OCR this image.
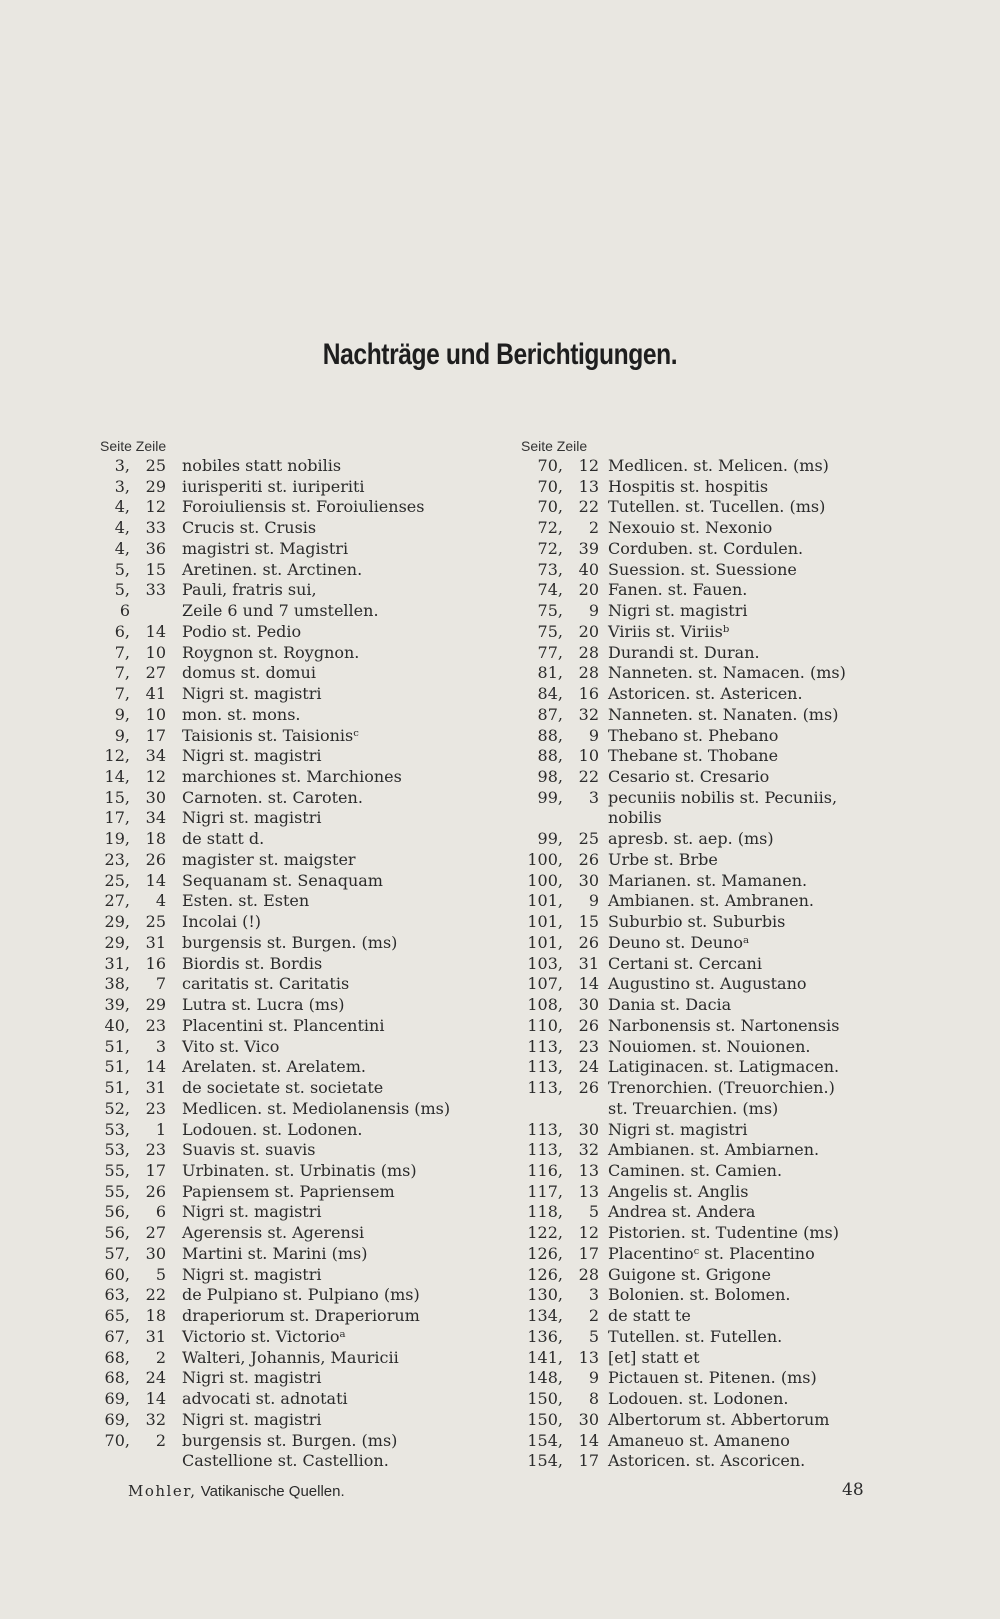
Nachträge und Berichtigungen.
Seite Zeile
3, 25 nobiles statt nobilis
3, 29 iurisperiti st. iuriperiti
4, 12 Foroiuliensis st. Foroiulienses
4, 33 Crucis st. Crusis
4, 36 magistri st. Magistri
5, 15 Aretinen. st. Arctinen.
5, 33 Pauli, fratris sui,
6	Zeile 6 und 7 umstellen.
6, 14 Podio st. Pedio
7, 10 Roygnon st. Roygnon.
7, 27 domus st. domui
7, 41 Nigri st. magistri
9, 10 mon. st. mons.
9, 17 Taisionis st. Taisionisᶜ
12, 34 Nigri st. magistri
14, 12 marchiones st. Marchiones
15, 30 Carnoten. st. Caroten.
17, 34 Nigri st. magistri
19, 18 de statt d.
23, 26 magister st. maigster
25, 14 Sequanam st. Senaquam
27,	4 Esten. st. Esten
29, 25 Incolai (!)
29, 31 burgensis st. Burgen. (ms)
31, 16 Biordis st. Bordis
38,	7 caritatis st. Caritatis
39, 29 Lutra st. Lucra (ms)
40, 23 Placentini st. Plancentini
51,	3 Vito st. Vico
51, 14 Arelaten. st. Arelatem.
51, 31 de societate st. societate
52, 23 Medlicen. st. Mediolanensis (ms)
53,	1 Lodouen. st. Lodonen.
53, 23 Suavis st. suavis
55, 17 Urbinaten. st. Urbinatis (ms)
55, 26 Papiensem st. Papriensem
56,	6 Nigri st. magistri
56, 27 Agerensis st. Agerensi
57, 30 Martini st. Marini (ms)
60,	5 Nigri st. magistri
63, 22 de Pulpiano st. Pulpiano (ms)
65, 18 draperiorum st. Draperiorum
67, 31 Victorio st. Victorioᵃ
68,	2 Walteri, Johannis, Mauricii
68, 24 Nigri st. magistri
69, 14 advocati st. adnotati
69, 32 Nigri st. magistri
70,	2 burgensis st. Burgen. (ms)
Castellione st. Castellion.
Seite Zeile
70, 12 Medlicen. st. Melicen. (ms)
70, 13 Hospitis st. hospitis
70, 22 Tutellen. st. Tucellen. (ms)
72,	2 Nexouio st. Nexonio
72, 39 Corduben. st. Cordulen.
73, 40 Suession. st. Suessione
74, 20 Fanen. st. Fauen.
75,	9 Nigri st. magistri
75, 20 Viriis st. Viriisᵇ
77, 28 Durandi st. Duran.
81, 28 Nanneten. st. Namacen. (ms)
84, 16 Astoricen. st. Astericen.
87, 32 Nanneten. st. Nanaten. (ms)
88,	9 Thebano st. Phebano
88, 10 Thebane st. Thobane
98, 22 Cesario st. Cresario
99,	3 pecuniis nobilis st. Pecuniis,
nobilis
99, 25 apresb. st. aep. (ms)
100, 26 Urbe st. Brbe
100, 30 Marianen. st. Mamanen.
101,	9 Ambianen. st. Ambranen.
101, 15 Suburbio st. Suburbis
101, 26 Deuno st. Deunoᵃ
103, 31 Certani st. Cercani
107, 14 Augustino st. Augustano
108, 30 Dania st. Dacia
110, 26 Narbonensis st. Nartonensis
113, 23 Nouiomen. st. Nouionen.
113, 24 Latiginacen. st. Latigmacen.
113, 26 Trenorchien. (Treuorchien.)
st. Treuarchien. (ms)
113, 30 Nigri st. magistri
113, 32 Ambianen. st. Ambiarnen.
116, 13 Caminen. st. Camien.
117, 13 Angelis st. Anglis
118,	5 Andrea st. Andera
122, 12 Pistorien. st. Tudentine (ms)
126, 17 Placentinoᶜ st. Placentino
126, 28 Guigone st. Grigone
130,	3 Bolonien. st. Bolomen.
134,	2 de statt te
136,	5 Tutellen. st. Futellen.
141, 13 [et] statt et
148,	9 Pictauen st. Pitenen. (ms)
150,	8 Lodouen. st. Lodonen.
150, 30 Albertorum st. Abbertorum
154, 14 Amaneuo st. Amaneno
154, 17 Astoricen. st. Ascoricen.
Mohler, Vatikanische Quellen.	48
